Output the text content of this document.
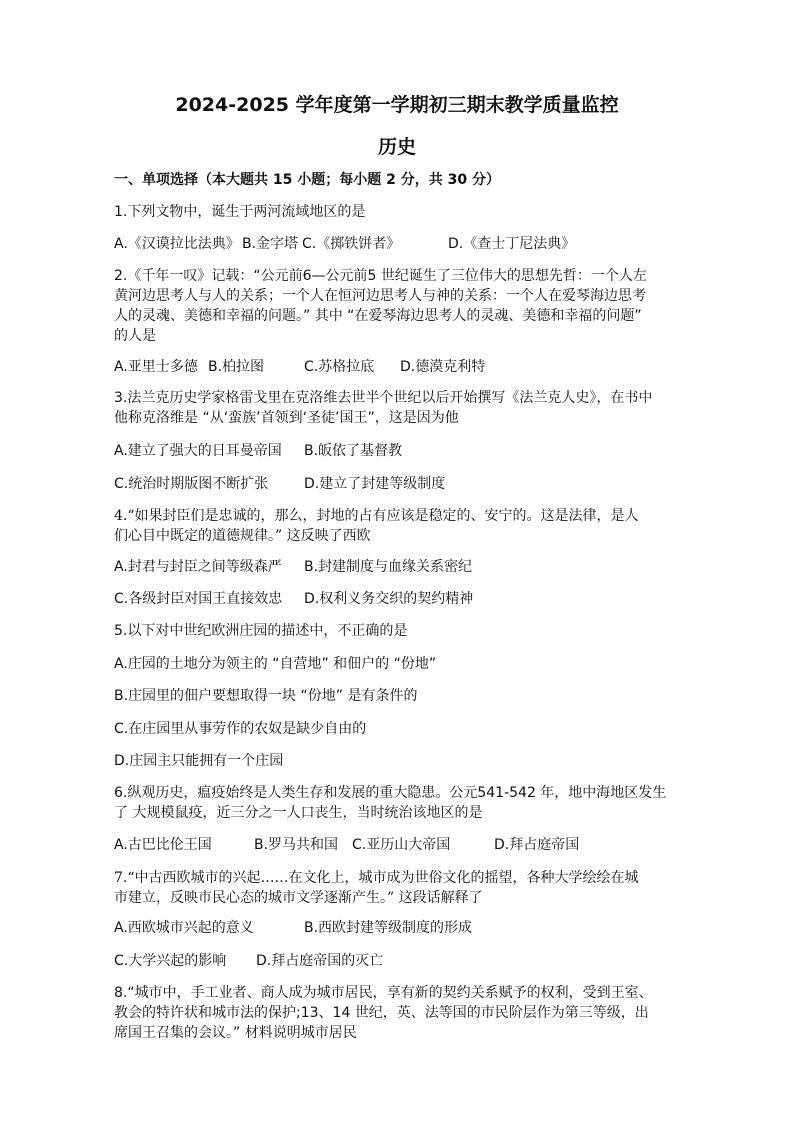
2024-2025 学年度第一学期初三期末教学质量监控
历史
一、单项选择（本大题共 15 小题；每小题 2 分，共 30 分）
1.下列文物中，诞生于两河流域地区的是
A.《汉谟拉比法典》 B.金字塔 C.《掷铁饼者》	D.《查士丁尼法典》
2.《千年一叹》记载：“公元前6—公元前5 世纪诞生了三位伟大的思想先哲：一个人左
黄河边思考人与人的关系；一个人在恒河边思考人与神的关系：一个人在爱琴海边思考
人的灵魂、美德和幸福的问题。” 其中 “在爱琴海边思考人的灵魂、美德和幸福的问题”
的人是
A.亚里士多德 B.柏拉图	C.苏格拉底 D.德漠克利特
3.法兰克历史学家格雷戈里在克洛维去世半个世纪以后开始撰写《法兰克人史》，在书中
他称克洛维是 “从‘蛮族’首领到‘圣徒’国王”，这是因为他
A.建立了强大的日耳曼帝国 B.皈依了基督教
C.统治时期版图不断扩张	D.建立了封建等级制度
4.“如果封臣们是忠诚的，那么，封地的占有应该是稳定的、安宁的。这是法律，是人
们心目中既定的道德规律。” 这反映了西欧
A.封君与封臣之间等级森严 B.封建制度与血缘关系密纪
C.各级封臣对国王直接效忠 D.权利义务交织的契约精神
5.以下对中世纪欧洲庄园的描述中，不正确的是
A.庄园的土地分为领主的 “自营地” 和佃户的 “份地”
B.庄园里的佃户要想取得一块 “份地” 是有条件的
C.在庄园里从事劳作的农奴是缺少自由的
D.庄园主只能拥有一个庄园
6.纵观历史，瘟疫始终是人类生存和发展的重大隐患。公元541-542 年，地中海地区发生
了 大规模鼠疫，近三分之一人口丧生，当时统治该地区的是
A.古巴比伦王国	B.罗马共和国 C.亚历山大帝国	D.拜占庭帝国
7.“中古西欧城市的兴起……在文化上，城市成为世俗文化的摇望，各种大学绘绘在城
市建立，反映市民心态的城市文学逐渐产生。” 这段话解释了
A.西欧城市兴起的意义	B.西欧封建等级制度的形成
C.大学兴起的影响 D.拜占庭帝国的灭亡
8.“城市中，手工业者、商人成为城市居民，享有新的契约关系赋予的权利，受到王室、
教会的特许状和城市法的保护;13、14 世纪，英、法等国的市民阶层作为第三等级，出
席国王召集的会议。” 材料说明城市居民
